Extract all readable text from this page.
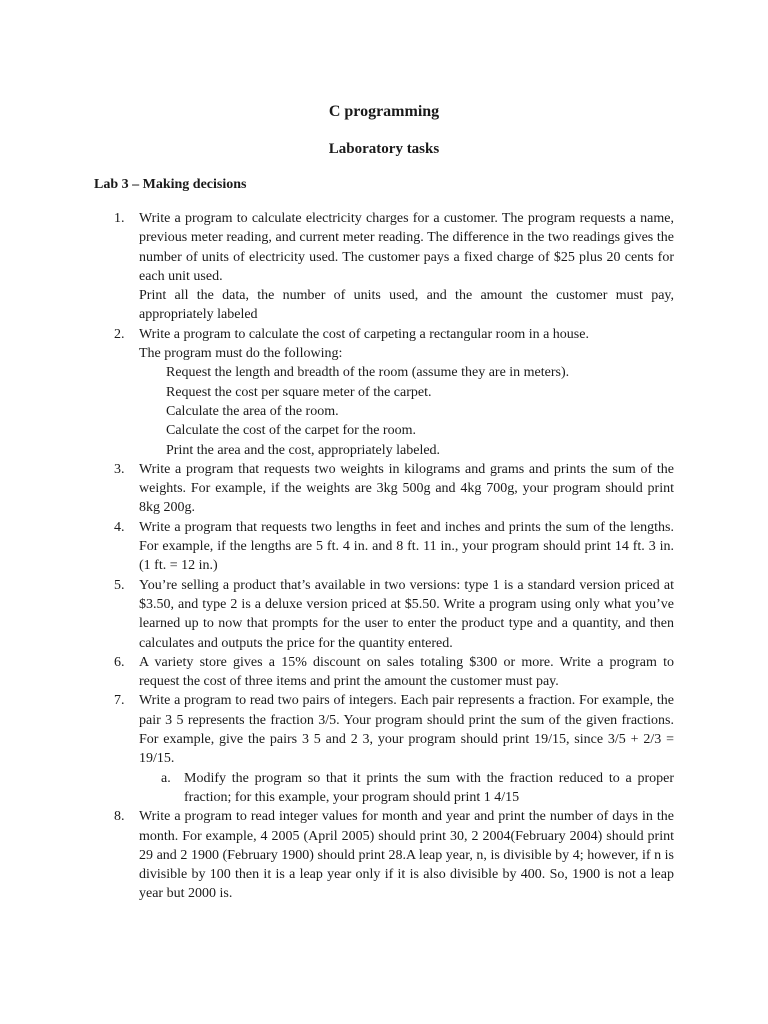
C programming
Laboratory tasks
Lab 3 – Making decisions
1. Write a program to calculate electricity charges for a customer. The program requests a name, previous meter reading, and current meter reading. The difference in the two readings gives the number of units of electricity used. The customer pays a fixed charge of $25 plus 20 cents for each unit used.
Print all the data, the number of units used, and the amount the customer must pay, appropriately labeled
2. Write a program to calculate the cost of carpeting a rectangular room in a house.
The program must do the following:
Request the length and breadth of the room (assume they are in meters).
Request the cost per square meter of the carpet.
Calculate the area of the room.
Calculate the cost of the carpet for the room.
Print the area and the cost, appropriately labeled.
3. Write a program that requests two weights in kilograms and grams and prints the sum of the weights. For example, if the weights are 3kg 500g and 4kg 700g, your program should print 8kg 200g.
4. Write a program that requests two lengths in feet and inches and prints the sum of the lengths. For example, if the lengths are 5 ft. 4 in. and 8 ft. 11 in., your program should print 14 ft. 3 in. (1 ft. = 12 in.)
5. You’re selling a product that’s available in two versions: type 1 is a standard version priced at $3.50, and type 2 is a deluxe version priced at $5.50. Write a program using only what you’ve learned up to now that prompts for the user to enter the product type and a quantity, and then calculates and outputs the price for the quantity entered.
6. A variety store gives a 15% discount on sales totaling $300 or more. Write a program to request the cost of three items and print the amount the customer must pay.
7. Write a program to read two pairs of integers. Each pair represents a fraction. For example, the pair 3 5 represents the fraction 3/5. Your program should print the sum of the given fractions. For example, give the pairs 3 5 and 2 3, your program should print 19/15, since 3/5 + 2/3 = 19/15.
a. Modify the program so that it prints the sum with the fraction reduced to a proper fraction; for this example, your program should print 1 4/15
8. Write a program to read integer values for month and year and print the number of days in the month. For example, 4 2005 (April 2005) should print 30, 2 2004(February 2004) should print 29 and 2 1900 (February 1900) should print 28.A leap year, n, is divisible by 4; however, if n is divisible by 100 then it is a leap year only if it is also divisible by 400. So, 1900 is not a leap year but 2000 is.
